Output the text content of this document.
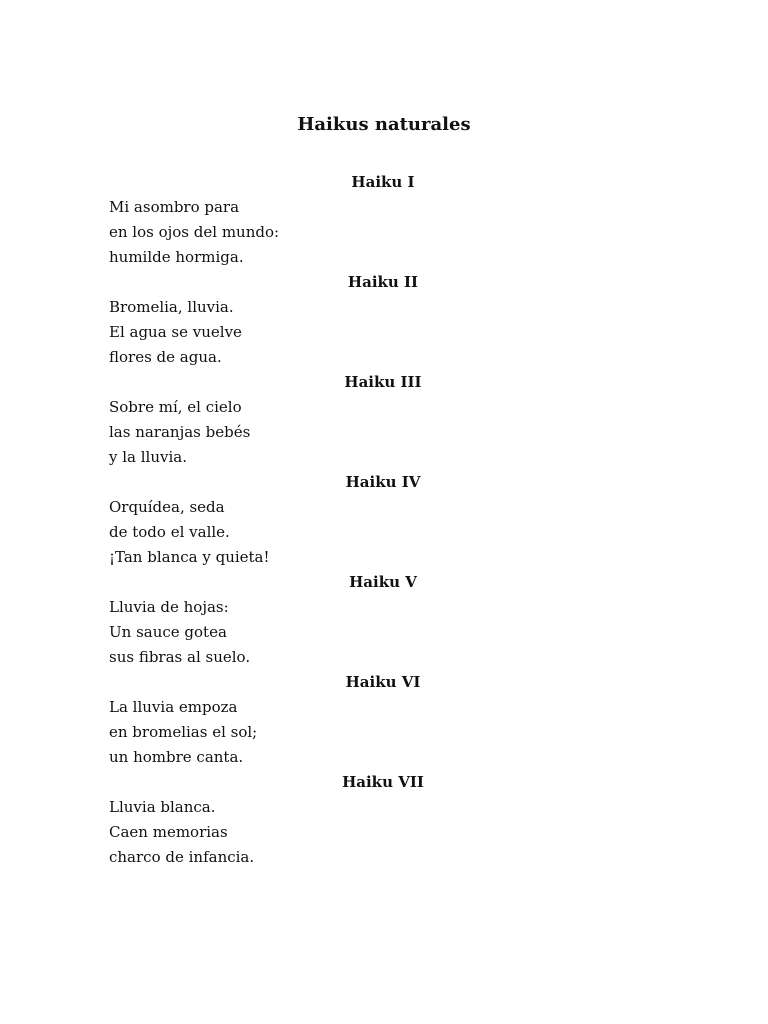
Haikus naturales
Haiku I
Mi asombro para
en los ojos del mundo:
humilde hormiga.
Haiku II
Bromelia, lluvia.
El agua se vuelve
flores de agua.
Haiku III
Sobre mí, el cielo
las naranjas bebés
y la lluvia.
Haiku IV
Orquídea, seda
de todo el valle.
¡Tan blanca y quieta!
Haiku V
Lluvia de hojas:
Un sauce gotea
sus fibras al suelo.
Haiku VI
La lluvia empoza
en bromelias el sol;
un hombre canta.
Haiku VII
Lluvia blanca.
Caen memorias
charco de infancia.
